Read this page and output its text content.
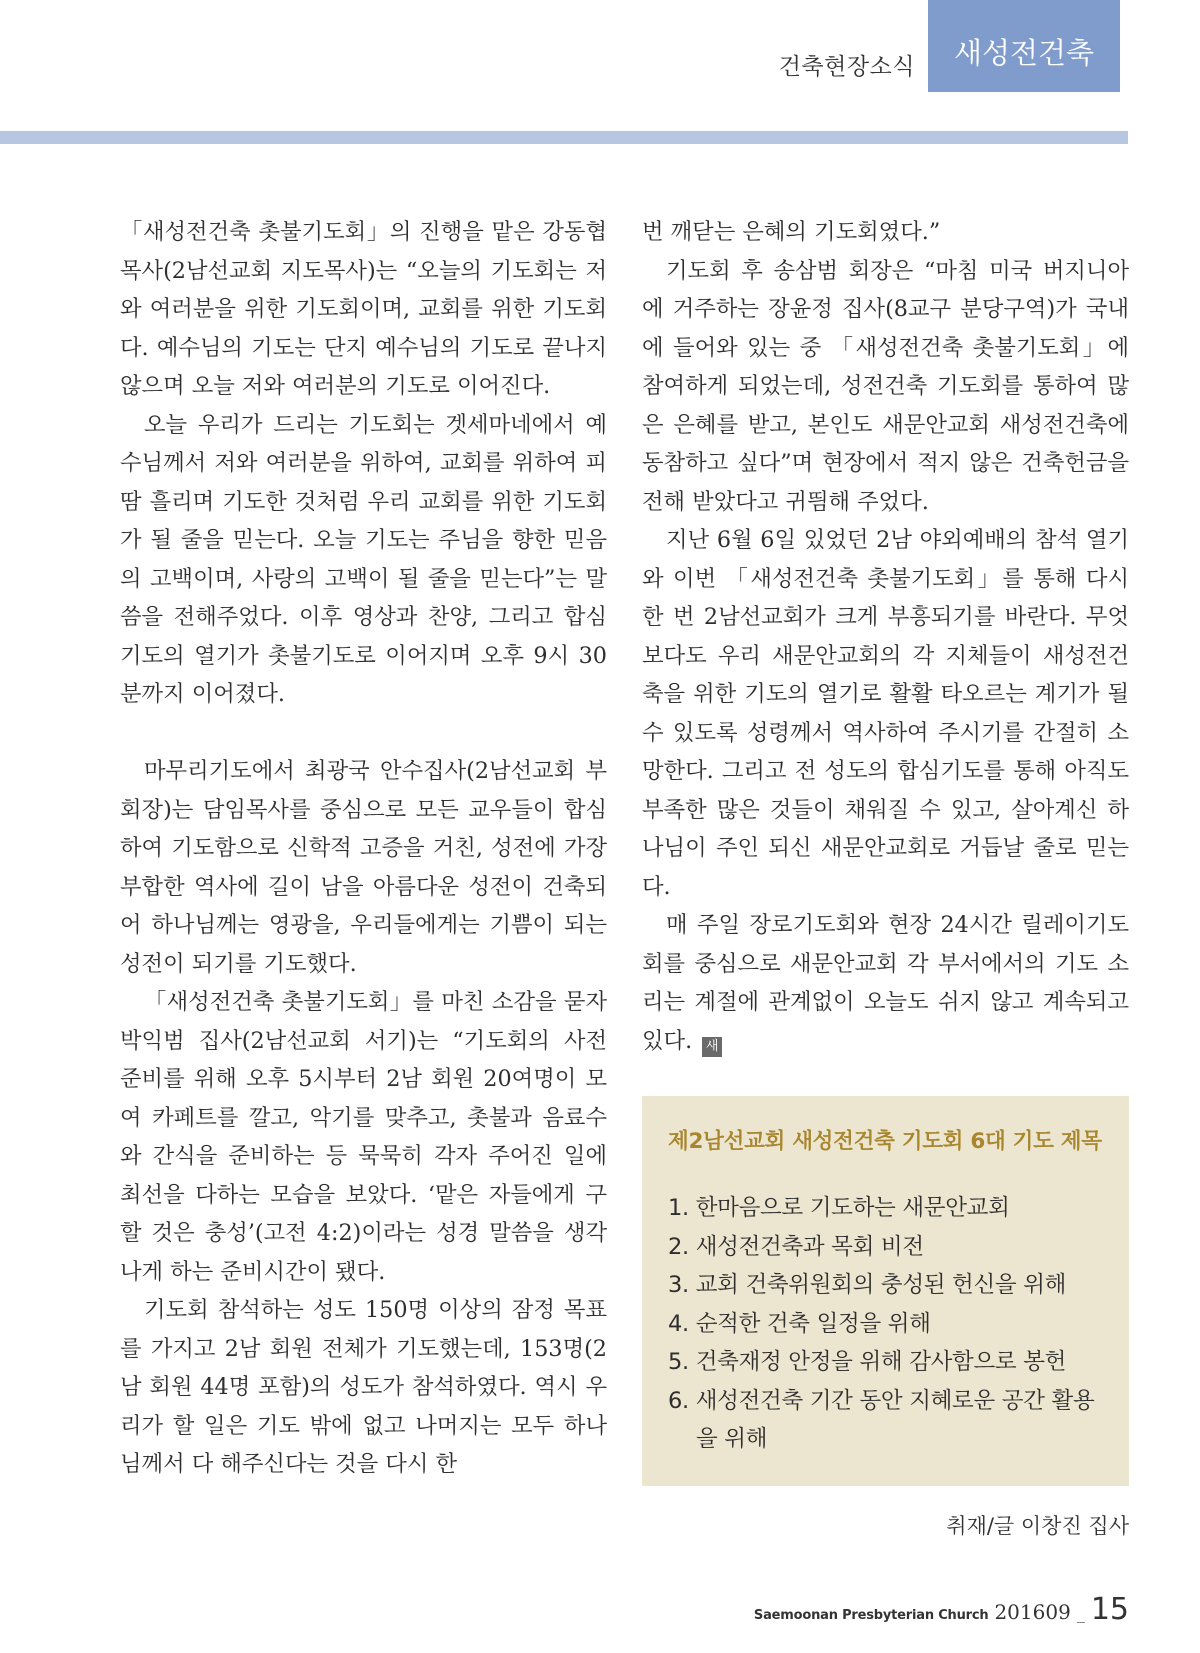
건축현장소식	새성전건축

「새성전건축 촛불기도회」의 진행을 맡은 강동협 목사(2남선교회 지도목사)는 “오늘의 기도회는 저와 여러분을 위한 기도회이며, 교회를 위한 기도회다. 예수님의 기도는 단지 예수님의 기도로 끝나지 않으며 오늘 저와 여러분의 기도로 이어진다.

오늘 우리가 드리는 기도회는 겟세마네에서 예수님께서 저와 여러분을 위하여, 교회를 위하여 피땀 흘리며 기도한 것처럼 우리 교회를 위한 기도회가 될 줄을 믿는다. 오늘 기도는 주님을 향한 믿음의 고백이며, 사랑의 고백이 될 줄을 믿는다”는 말씀을 전해주었다. 이후 영상과 찬양, 그리고 합심기도의 열기가 촛불기도로 이어지며 오후 9시 30분까지 이어졌다.

마무리기도에서 최광국 안수집사(2남선교회 부회장)는 담임목사를 중심으로 모든 교우들이 합심하여 기도함으로 신학적 고증을 거친, 성전에 가장 부합한 역사에 길이 남을 아름다운 성전이 건축되어 하나님께는 영광을, 우리들에게는 기쁨이 되는 성전이 되기를 기도했다.

「새성전건축 촛불기도회」를 마친 소감을 묻자 박익범 집사(2남선교회 서기)는 “기도회의 사전 준비를 위해 오후 5시부터 2남 회원 20여명이 모여 카페트를 깔고, 악기를 맞추고, 촛불과 음료수와 간식을 준비하는 등 묵묵히 각자 주어진 일에 최선을 다하는 모습을 보았다. ‘맡은 자들에게 구할 것은 충성’(고전 4:2)이라는 성경 말씀을 생각나게 하는 준비시간이 됐다.

기도회 참석하는 성도 150명 이상의 잠정 목표를 가지고 2남 회원 전체가 기도했는데, 153명(2남 회원 44명 포함)의 성도가 참석하였다. 역시 우리가 할 일은 기도 밖에 없고 나머지는 모두 하나님께서 다 해주신다는 것을 다시 한

번 깨닫는 은혜의 기도회였다.”

기도회 후 송삼범 회장은 “마침 미국 버지니아에 거주하는 장윤정 집사(8교구 분당구역)가 국내에 들어와 있는 중 「새성전건축 촛불기도회」에 참여하게 되었는데, 성전건축 기도회를 통하여 많은 은혜를 받고, 본인도 새문안교회 새성전건축에 동참하고 싶다”며 현장에서 적지 않은 건축헌금을 전해 받았다고 귀띔해 주었다.

지난 6월 6일 있었던 2남 야외예배의 참석 열기와 이번 「새성전건축 촛불기도회」를 통해 다시 한 번 2남선교회가 크게 부흥되기를 바란다. 무엇보다도 우리 새문안교회의 각 지체들이 새성전건축을 위한 기도의 열기로 활활 타오르는 계기가 될 수 있도록 성령께서 역사하여 주시기를 간절히 소망한다. 그리고 전 성도의 합심기도를 통해 아직도 부족한 많은 것들이 채워질 수 있고, 살아계신 하나님이 주인 되신 새문안교회로 거듭날 줄로 믿는다.

매 주일 장로기도회와 현장 24시간 릴레이기도회를 중심으로 새문안교회 각 부서에서의 기도 소리는 계절에 관계없이 오늘도 쉬지 않고 계속되고 있다. 새

제2남선교회 새성전건축 기도회 6대 기도 제목
1. 한마음으로 기도하는 새문안교회
2. 새성전건축과 목회 비전
3. 교회 건축위원회의 충성된 헌신을 위해
4. 순적한 건축 일정을 위해
5. 건축재정 안정을 위해 감사함으로 봉헌
6. 새성전건축 기간 동안 지혜로운 공간 활용을 위해
취재/글 이창진 집사
Saemoonan Presbyterian Church 201609 _ 15
